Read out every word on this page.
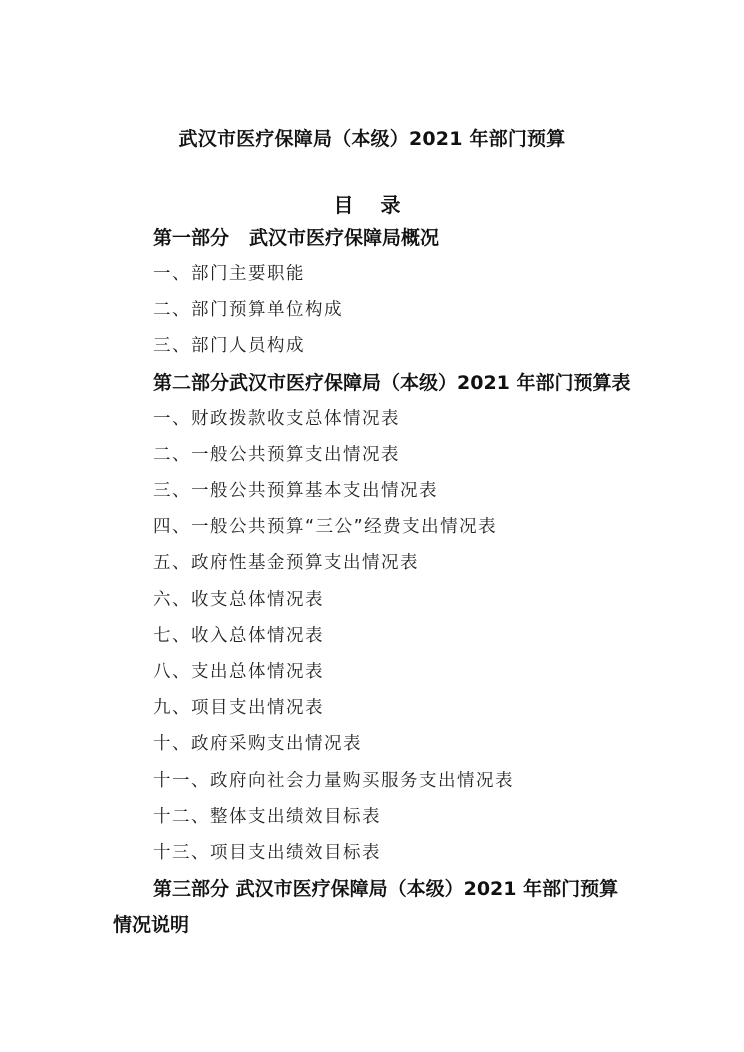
武汉市医疗保障局（本级）2021 年部门预算
目 录
第一部分 武汉市医疗保障局概况
一、部门主要职能
二、部门预算单位构成
三、部门人员构成
第二部分武汉市医疗保障局（本级）2021 年部门预算表
一、财政拨款收支总体情况表
二、一般公共预算支出情况表
三、一般公共预算基本支出情况表
四、一般公共预算“三公”经费支出情况表
五、政府性基金预算支出情况表
六、收支总体情况表
七、收入总体情况表
八、支出总体情况表
九、项目支出情况表
十、政府采购支出情况表
十一、政府向社会力量购买服务支出情况表
十二、整体支出绩效目标表
十三、项目支出绩效目标表
第三部分 武汉市医疗保障局（本级）2021 年部门预算
情况说明
